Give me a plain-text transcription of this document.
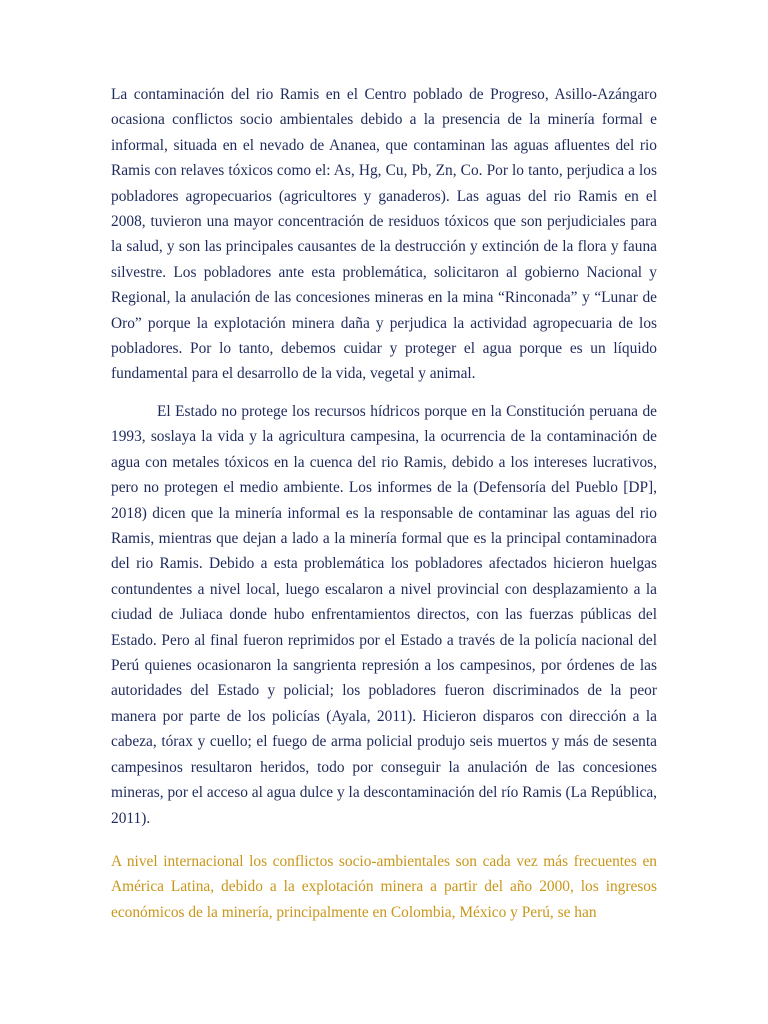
La contaminación del rio Ramis en el Centro poblado de Progreso, Asillo-Azángaro ocasiona conflictos socio ambientales debido a la presencia de la minería formal e informal, situada en el nevado de Ananea, que contaminan las aguas afluentes del rio Ramis con relaves tóxicos como el: As, Hg, Cu, Pb, Zn, Co. Por lo tanto, perjudica a los pobladores agropecuarios (agricultores y ganaderos). Las aguas del rio Ramis en el 2008, tuvieron una mayor concentración de residuos tóxicos que son perjudiciales para la salud, y son las principales causantes de la destrucción y extinción de la flora y fauna silvestre. Los pobladores ante esta problemática, solicitaron al gobierno Nacional y Regional, la anulación de las concesiones mineras en la mina “Rinconada” y “Lunar de Oro” porque la explotación minera daña y perjudica la actividad agropecuaria de los pobladores. Por lo tanto, debemos cuidar y proteger el agua porque es un líquido fundamental para el desarrollo de la vida, vegetal y animal.

El Estado no protege los recursos hídricos porque en la Constitución peruana de 1993, soslaya la vida y la agricultura campesina, la ocurrencia de la contaminación de agua con metales tóxicos en la cuenca del rio Ramis, debido a los intereses lucrativos, pero no protegen el medio ambiente. Los informes de la (Defensoría del Pueblo [DP], 2018) dicen que la minería informal es la responsable de contaminar las aguas del rio Ramis, mientras que dejan a lado a la minería formal que es la principal contaminadora del rio Ramis. Debido a esta problemática los pobladores afectados hicieron huelgas contundentes a nivel local, luego escalaron a nivel provincial con desplazamiento a la ciudad de Juliaca donde hubo enfrentamientos directos, con las fuerzas públicas del Estado. Pero al final fueron reprimidos por el Estado a través de la policía nacional del Perú quienes ocasionaron la sangrienta represión a los campesinos, por órdenes de las autoridades del Estado y policial; los pobladores fueron discriminados de la peor manera por parte de los policías (Ayala, 2011). Hicieron disparos con dirección a la cabeza, tórax y cuello; el fuego de arma policial produjo seis muertos y más de sesenta campesinos resultaron heridos, todo por conseguir la anulación de las concesiones mineras, por el acceso al agua dulce y la descontaminación del río Ramis (La República, 2011).

A nivel internacional los conflictos socio-ambientales son cada vez más frecuentes en América Latina, debido a la explotación minera a partir del año 2000, los ingresos económicos de la minería, principalmente en Colombia, México y Perú, se han
